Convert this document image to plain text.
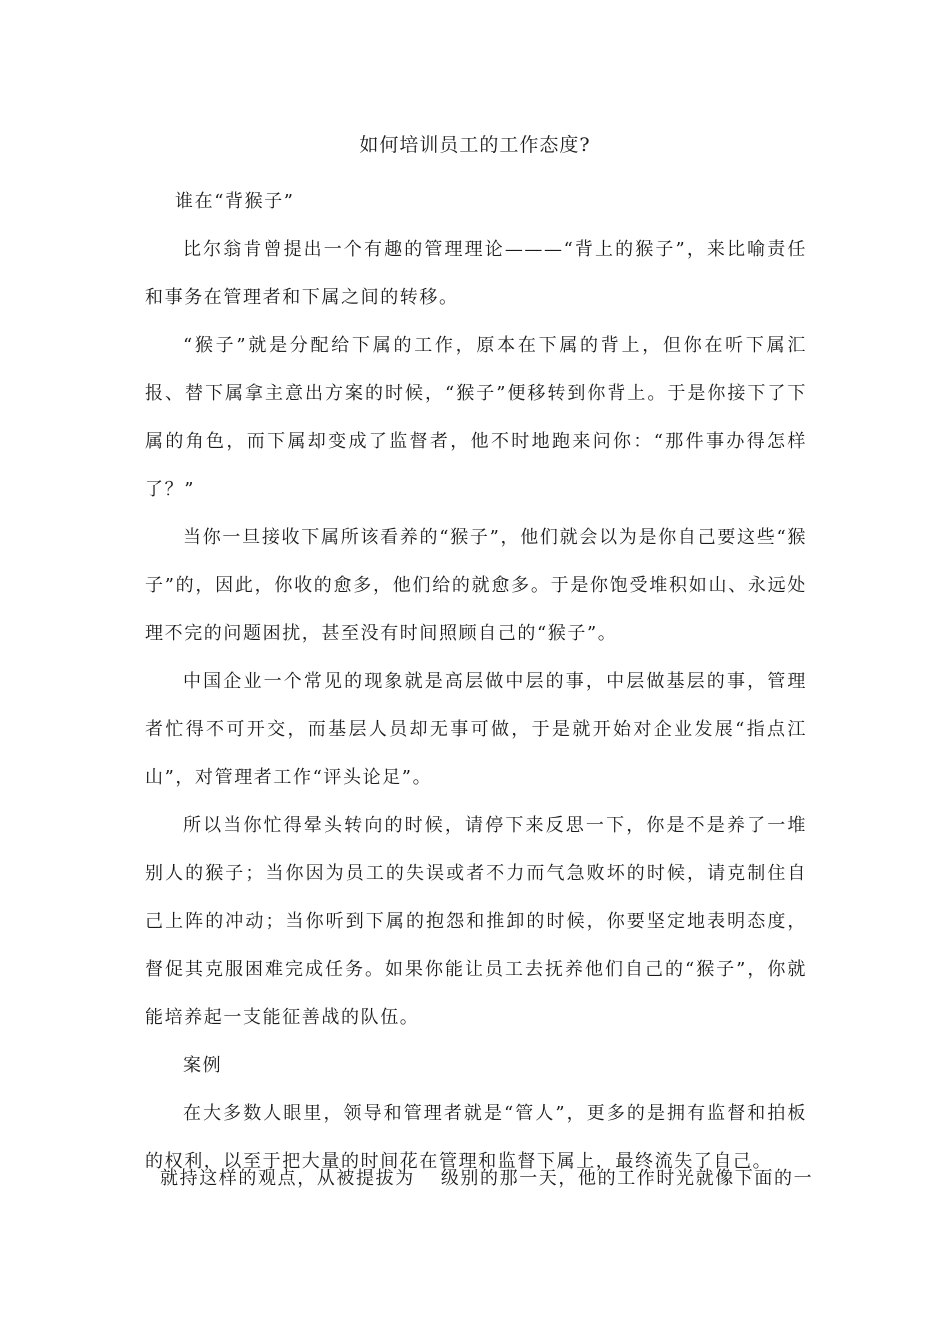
如何培训员工的工作态度?

谁在“背猴子”

比尔翁肯曾提出一个有趣的管理理论———“背上的猴子”，来比喻责任和事务在管理者和下属之间的转移。

“猴子”就是分配给下属的工作，原本在下属的背上，但你在听下属汇报、替下属拿主意出方案的时候，“猴子”便移转到你背上。于是你接下了下属的角色，而下属却变成了监督者，他不时地跑来问你：“那件事办得怎样了？”

当你一旦接收下属所该看养的“猴子”，他们就会以为是你自己要这些“猴子”的，因此，你收的愈多，他们给的就愈多。于是你饱受堆积如山、永远处理不完的问题困扰，甚至没有时间照顾自己的“猴子”。

中国企业一个常见的现象就是高层做中层的事，中层做基层的事，管理者忙得不可开交，而基层人员却无事可做，于是就开始对企业发展“指点江山”，对管理者工作“评头论足”。

所以当你忙得晕头转向的时候，请停下来反思一下，你是不是养了一堆别人的猴子；当你因为员工的失误或者不力而气急败坏的时候，请克制住自己上阵的冲动；当你听到下属的抱怨和推卸的时候，你要坚定地表明态度，督促其克服困难完成任务。如果你能让员工去抚养他们自己的“猴子”，你就能培养起一支能征善战的队伍。

案例

在大多数人眼里，领导和管理者就是“管人”，更多的是拥有监督和拍板的权利，以至于把大量的时间花在管理和监督下属上，最终流失了自己。

就持这样的观点，从被提拔为 级别的那一天，他的工作时光就像下面的一
